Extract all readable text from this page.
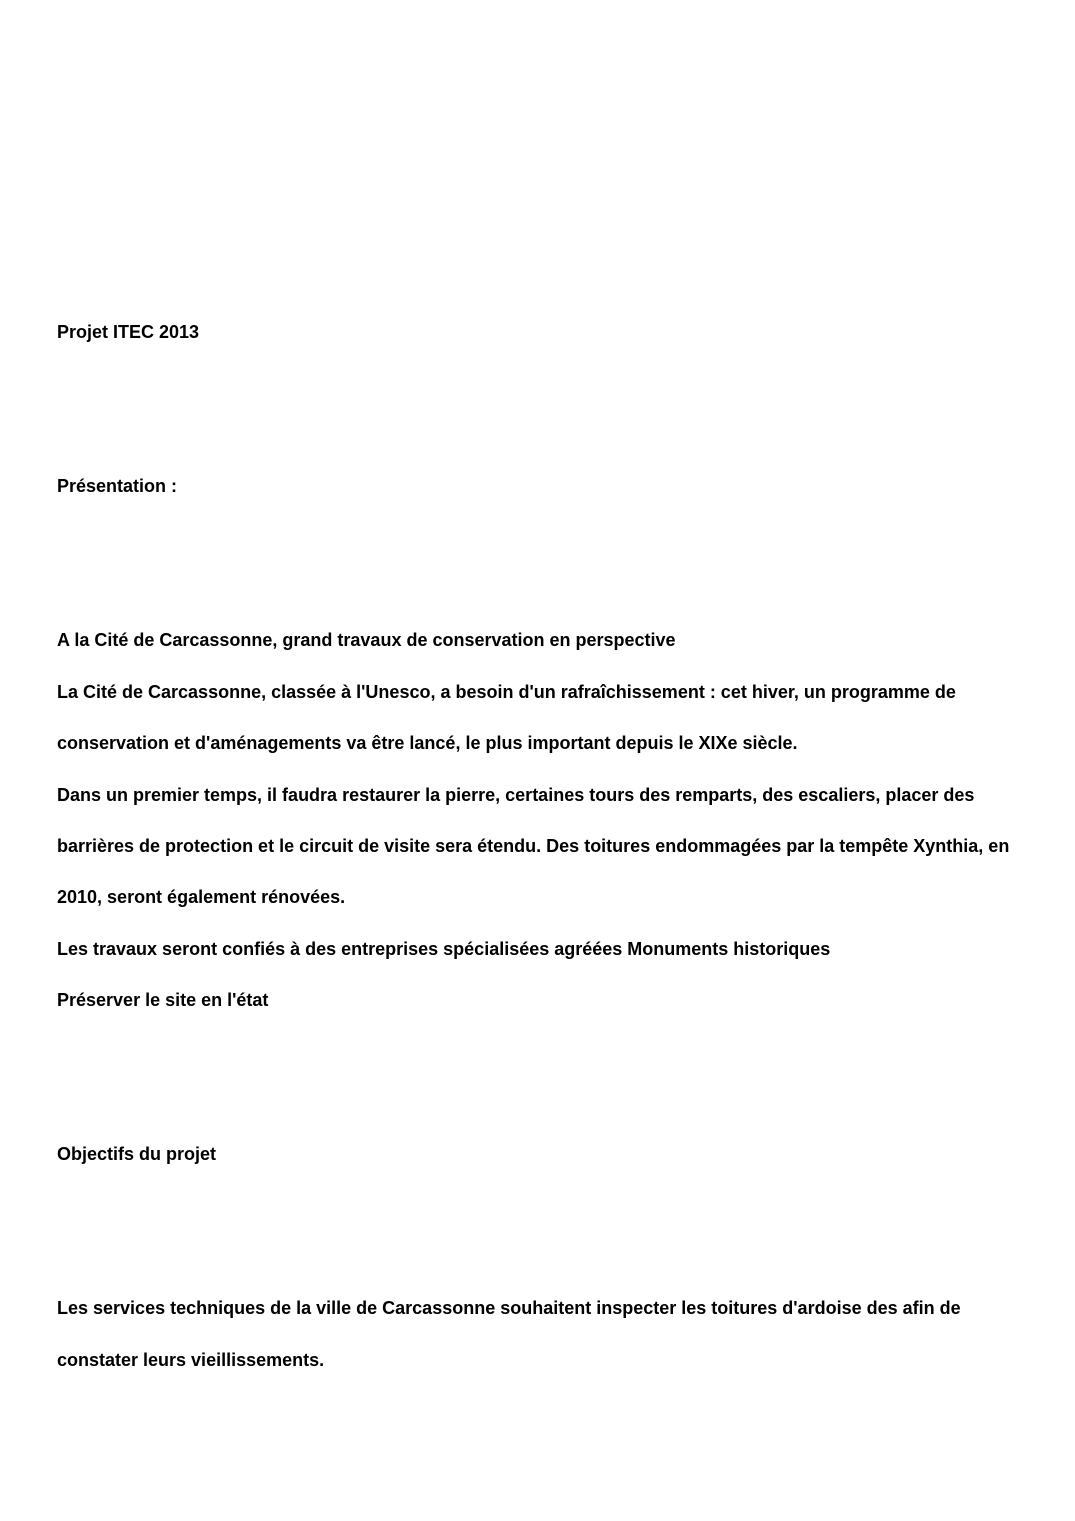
Projet ITEC 2013

Présentation :

A la Cité de Carcassonne, grand travaux de conservation en perspective
La Cité de Carcassonne, classée à l'Unesco, a besoin d'un rafraîchissement : cet hiver, un programme de
conservation et d'aménagements va être lancé, le plus important depuis le XIXe siècle.
Dans un premier temps, il faudra restaurer la pierre, certaines tours des remparts, des escaliers, placer des
barrières de protection et le circuit de visite sera étendu. Des toitures endommagées par la tempête Xynthia, en
2010, seront également rénovées.
Les travaux seront confiés à des entreprises spécialisées agréées Monuments historiques
Préserver le site en l'état

Objectifs du projet

Les services techniques de la ville de Carcassonne souhaitent inspecter les toitures d'ardoise des afin de
constater leurs vieillissements.
